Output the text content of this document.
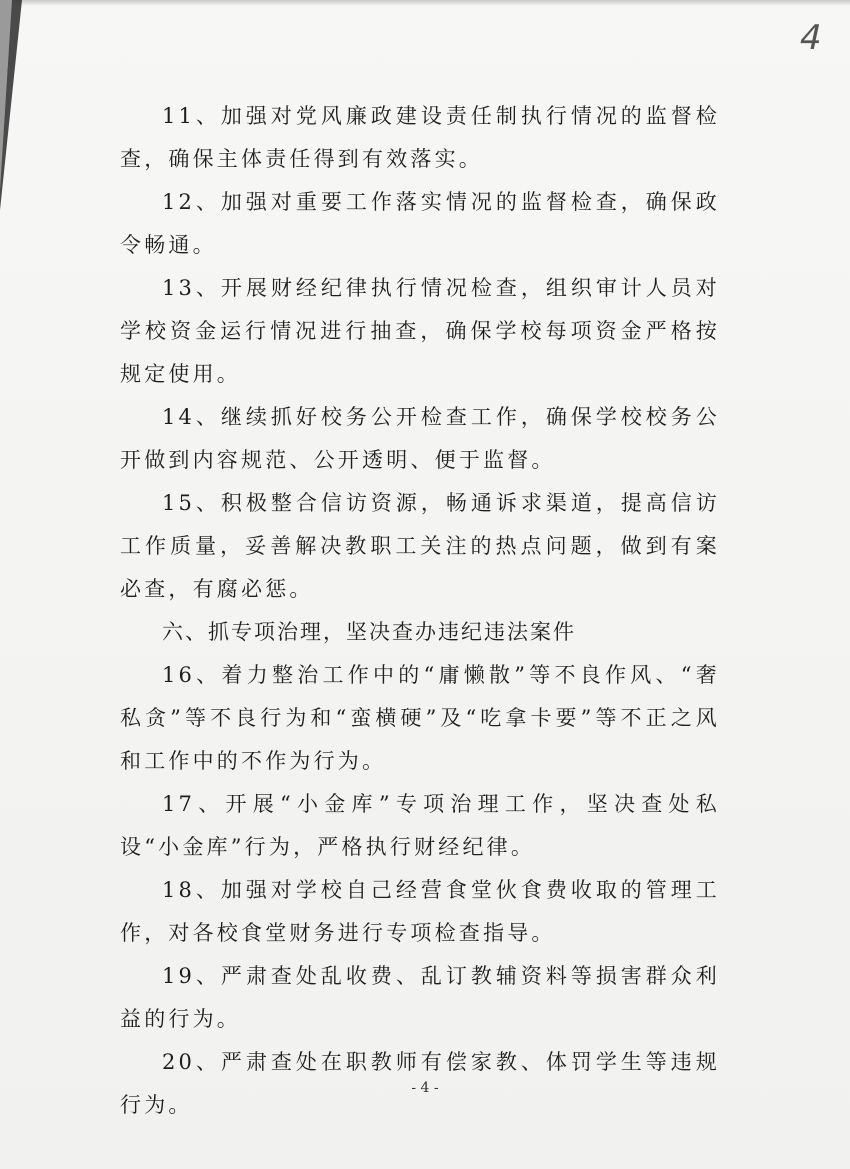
4

11、加强对党风廉政建设责任制执行情况的监督检查，确保主体责任得到有效落实。

12、加强对重要工作落实情况的监督检查，确保政令畅通。

13、开展财经纪律执行情况检查，组织审计人员对学校资金运行情况进行抽查，确保学校每项资金严格按规定使用。

14、继续抓好校务公开检查工作，确保学校校务公开做到内容规范、公开透明、便于监督。

15、积极整合信访资源，畅通诉求渠道，提高信访工作质量，妥善解决教职工关注的热点问题，做到有案必查，有腐必惩。

六、抓专项治理，坚决查办违纪违法案件

16、着力整治工作中的“庸懒散”等不良作风、“奢私贪”等不良行为和“蛮横硬”及“吃拿卡要”等不正之风和工作中的不作为行为。

17、开展“小金库”专项治理工作，坚决查处私设“小金库”行为，严格执行财经纪律。

18、加强对学校自己经营食堂伙食费收取的管理工作，对各校食堂财务进行专项检查指导。

19、严肃查处乱收费、乱订教辅资料等损害群众利益的行为。

20、严肃查处在职教师有偿家教、体罚学生等违规行为。

- 4 -
